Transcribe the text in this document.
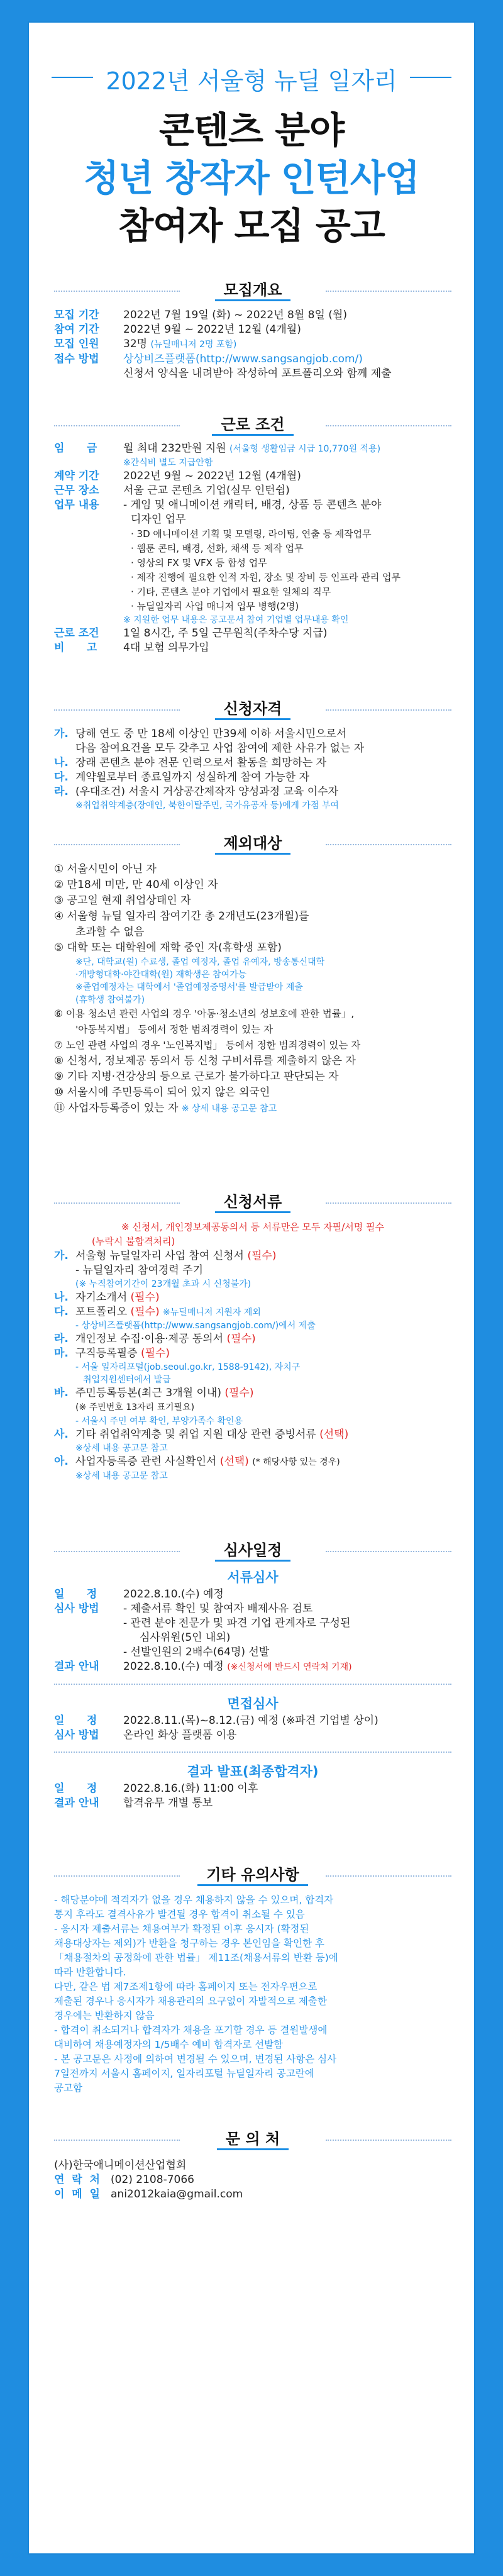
2022년 서울형 뉴딜 일자리
콘텐츠 분야
청년 창작자 인턴사업
참여자 모집 공고
모집개요
모집 기간	2022년 7월 19일 (화) ~ 2022년 8월 8일 (월)
참여 기간	2022년 9월 ~ 2022년 12월 (4개월)
모집 인원	32명 (뉴딜매니저 2명 포함)
접수 방법	상상비즈플랫폼(http://www.sangsangjob.com/)
신청서 양식을 내려받아 작성하여 포트폴리오와 함께 제출
근로 조건
임      금	월 최대 232만원 지원 (서울형 생활임금 시급 10,770원 적용)
※간식비 별도 지급안함
계약 기간	2022년 9월 ~ 2022년 12월 (4개월)
근무 장소	서울 근교 콘텐츠 기업(실무 인턴쉽)
업무 내용	- 게임 및 애니메이션 캐릭터, 배경, 상품 등 콘텐츠 분야
디자인 업무
· 3D 애니메이션 기획 및 모델링, 라이팅, 연출 등 제작업무
· 웹툰 콘티, 배경, 선화, 채색 등 제작 업무
· 영상의 FX 및 VFX 등 합성 업무
· 제작 진행에 필요한 인적 자원, 장소 및 장비 등 인프라 관리 업무
· 기타, 콘텐츠 분야 기업에서 필요한 일체의 직무
· 뉴딜일자리 사업 매니저 업무 병행(2명)
※ 지원한 업무 내용은 공고문서 참여 기업별 업무내용 확인
근로 조건	1일 8시간, 주 5일 근무원칙(주차수당 지급)
비      고	4대 보험 의무가입
신청자격
가. 당해 연도 중 만 18세 이상인 만39세 이하 서울시민으로서
다음 참여요건을 모두 갖추고 사업 참여에 제한 사유가 없는 자
나. 장래 콘텐츠 분야 전문 인력으로서 활동을 희망하는 자
다. 계약월로부터 종료일까지 성실하게 참여 가능한 자
라. (우대조건) 서울시 거상공간제작자 양성과정 교육 이수자
※취업취약계층(장애인, 북한이탈주민, 국가유공자 등)에게 가점 부여
제외대상
① 서울시민이 아닌 자
② 만18세 미만, 만 40세 이상인 자
③ 공고일 현재 취업상태인 자
④ 서울형 뉴딜 일자리 참여기간 총 2개년도(23개월)를
초과할 수 없음
⑤ 대학 또는 대학원에 재학 중인 자(휴학생 포함)
※단, 대학교(원) 수료생, 졸업 예정자, 졸업 유예자, 방송통신대학
·개방형대학·야간대학(원) 재학생은 참여가능
※졸업예정자는 대학에서 '졸업예정증명서'를 발급받아 제출
(휴학생 참여불가)
⑥ 이용 청소년 관련 사업의 경우 '아동·청소년의 성보호에 관한 법률」,
'아동복지법」 등에서 정한 범죄경력이 있는 자
⑦ 노인 관련 사업의 경우 '노인복지법」 등에서 정한 범죄경력이 있는 자
⑧ 신청서, 정보제공 동의서 등 신청 구비서류를 제출하지 않은 자
⑨ 기타 지병·건강상의 등으로 근로가 불가하다고 판단되는 자
⑩ 서울시에 주민등록이 되어 있지 않은 외국인
⑪ 사업자등록증이 있는 자 ※ 상세 내용 공고문 참고
신청서류
※ 신청서, 개인정보제공동의서 등 서류만은 모두 자필/서명 필수
(누락시 불합격처리)
가. 서울형 뉴딜일자리 사업 참여 신청서 (필수)
- 뉴딜일자리 참여경력 주기
(※ 누적참여기간이 23개월 초과 시 신청불가)
나. 자기소개서 (필수)
다. 포트폴리오 (필수) ※뉴딜매니저 지원자 제외
- 상상비즈플랫폼(http://www.sangsangjob.com/)에서 제출
라. 개인정보 수집·이용·제공 동의서 (필수)
마. 구직등록필증 (필수)
- 서울 일자리포털(job.seoul.go.kr, 1588-9142), 자치구
취업지원센터에서 발급
바. 주민등록등본(최근 3개월 이내) (필수)
(※ 주민번호 13자리 표기필요)
- 서울시 주민 여부 확인, 부양가족수 확인용
사. 기타 취업취약계층 및 취업 지원 대상 관련 증빙서류 (선택)
※상세 내용 공고문 참고
아. 사업자등록증 관련 사실확인서 (선택) (* 해당사항 있는 경우)
※상세 내용 공고문 참고
심사일정
서류심사
일      정	2022.8.10.(수) 예정
심사 방법	- 제출서류 확인 및 참여자 배제사유 검토
- 관련 분야 전문가 및 파견 기업 관계자로 구성된
심사위원(5인 내외)
- 선발인원의 2배수(64명) 선발
결과 안내	2022.8.10.(수) 예정 (※신청서에 반드시 연락처 기재)
면접심사
일      정	2022.8.11.(목)~8.12.(금) 예정 (※파견 기업별 상이)
심사 방법	온라인 화상 플랫폼 이용
결과 발표(최종합격자)
일      정	2022.8.16.(화) 11:00 이후
결과 안내	합격유무 개별 통보
기타 유의사항
- 해당분야에 적격자가 없을 경우 채용하지 않을 수 있으며, 합격자
통지 후라도 결격사유가 발견될 경우 합격이 취소될 수 있음
- 응시자 제출서류는 채용여부가 확정된 이후 응시자 (확정된
채용대상자는 제외)가 반환을 청구하는 경우 본인임을 확인한 후
「채용절차의 공정화에 관한 법률」 제11조(채용서류의 반환 등)에
따라 반환합니다.
다만, 같은 법 제7조제1항에 따라 홈페이지 또는 전자우편으로
제출된 경우나 응시자가 채용관리의 요구없이 자발적으로 제출한
경우에는 반환하지 않음
- 합격이 취소되거나 합격자가 채용을 포기할 경우 등 결원발생에
대비하여 채용예정자의 1/5배수 예비 합격자로 선발함
- 본 공고문은 사정에 의하여 변경될 수 있으며, 변경된 사항은 심사
7일전까지 서울시 홈페이지, 일자리포털 뉴딜일자리 공고란에
공고함
문 의 처
(사)한국애니메이션산업협회
연  락  처	(02) 2108-7066
이  메  일	ani2012kaia@gmail.com
